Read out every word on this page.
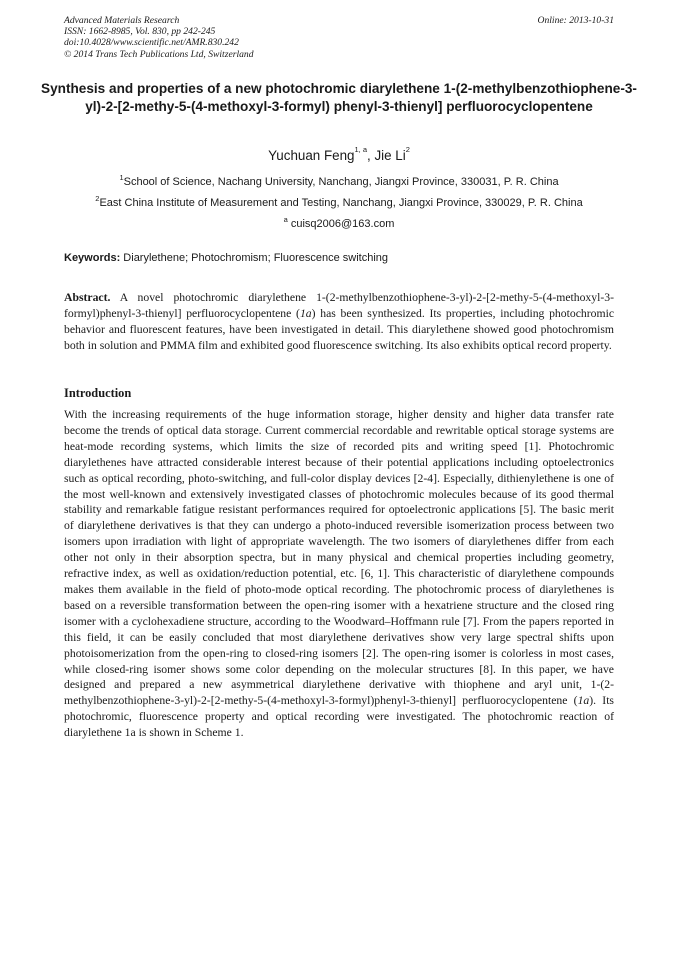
Advanced Materials Research
ISSN: 1662-8985, Vol. 830, pp 242-245
doi:10.4028/www.scientific.net/AMR.830.242
© 2014 Trans Tech Publications Ltd, Switzerland
Online: 2013-10-31
Synthesis and properties of a new photochromic diarylethene 1-(2-methylbenzothiophene-3-yl)-2-[2-methy-5-(4-methoxyl-3-formyl) phenyl-3-thienyl] perfluorocyclopentene
Yuchuan Feng$^{1, a}$, Jie Li$^2$
$^1$School of Science, Nachang University, Nanchang, Jiangxi Province, 330031, P. R. China
$^2$East China Institute of Measurement and Testing, Nanchang, Jiangxi Province, 330029, P. R. China
$^a$ cuisq2006@163.com
Keywords: Diarylethene; Photochromism; Fluorescence switching

Abstract. A novel photochromic diarylethene 1-(2-methylbenzothiophene-3-yl)-2-[2-methy-5-(4-methoxyl-3-formyl)phenyl-3-thienyl] perfluorocyclopentene (1a) has been synthesized. Its properties, including photochromic behavior and fluorescent features, have been investigated in detail. This diarylethene showed good photochromism both in solution and PMMA film and exhibited good fluorescence switching. Its also exhibits optical record property.

Introduction

With the increasing requirements of the huge information storage, higher density and higher data transfer rate become the trends of optical data storage. Current commercial recordable and rewritable optical storage systems are heat-mode recording systems, which limits the size of recorded pits and writing speed [1]. Photochromic diarylethenes have attracted considerable interest because of their potential applications including optoelectronics such as optical recording, photo-switching, and full-color display devices [2-4]. Especially, dithienylethene is one of the most well-known and extensively investigated classes of photochromic molecules because of its good thermal stability and remarkable fatigue resistant performances required for optoelectronic applications [5]. The basic merit of diarylethene derivatives is that they can undergo a photo-induced reversible isomerization process between two isomers upon irradiation with light of appropriate wavelength. The two isomers of diarylethenes differ from each other not only in their absorption spectra, but in many physical and chemical properties including geometry, refractive index, as well as oxidation/reduction potential, etc. [6, 1]. This characteristic of diarylethene compounds makes them available in the field of photo-mode optical recording. The photochromic process of diarylethenes is based on a reversible transformation between the open-ring isomer with a hexatriene structure and the closed ring isomer with a cyclohexadiene structure, according to the Woodward–Hoffmann rule [7]. From the papers reported in this field, it can be easily concluded that most diarylethene derivatives show very large spectral shifts upon photoisomerization from the open-ring to closed-ring isomers [2]. The open-ring isomer is colorless in most cases, while closed-ring isomer shows some color depending on the molecular structures [8]. In this paper, we have designed and prepared a new asymmetrical diarylethene derivative with thiophene and aryl unit, 1-(2-methylbenzothiophene-3-yl)-2-[2-methy-5-(4-methoxyl-3-formyl)phenyl-3-thienyl] perfluorocyclopentene (1a). Its photochromic, fluorescence property and optical recording were investigated. The photochromic reaction of diarylethene 1a is shown in Scheme 1.
